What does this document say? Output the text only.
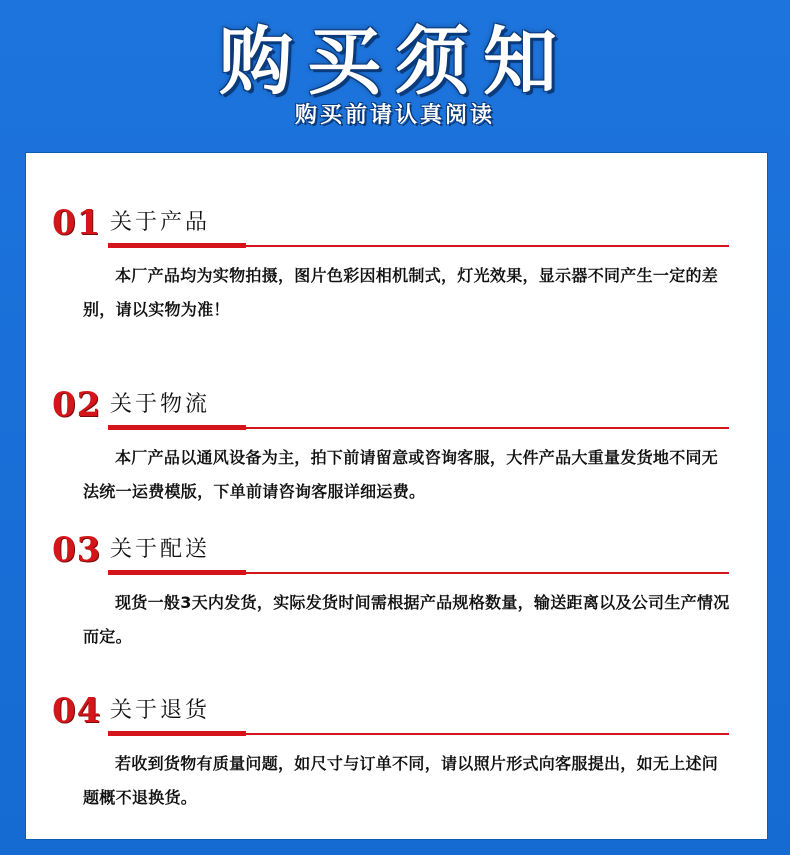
购买须知
购买前请认真阅读
01 关于产品
本厂产品均为实物拍摄，图片色彩因相机制式，灯光效果，显示器不同产生一定的差别，请以实物为准！
02 关于物流
本厂产品以通风设备为主，拍下前请留意或咨询客服，大件产品大重量发货地不同无法统一运费模版，下单前请咨询客服详细运费。
03 关于配送
现货一般3天内发货，实际发货时间需根据产品规格数量，输送距离以及公司生产情况而定。
04 关于退货
若收到货物有质量问题，如尺寸与订单不同，请以照片形式向客服提出，如无上述问题概不退换货。
